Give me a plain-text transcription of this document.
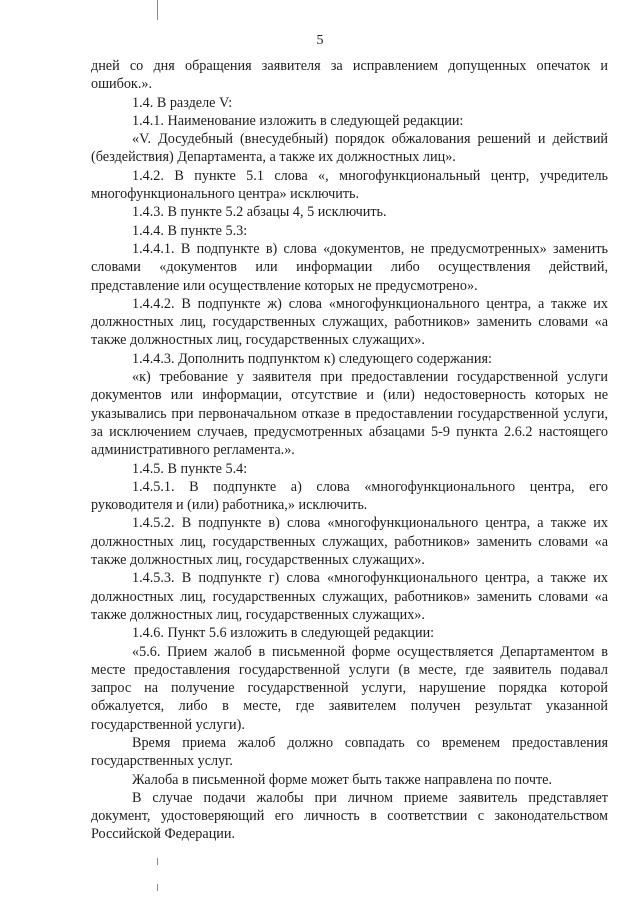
5

дней со дня обращения заявителя за исправлением допущенных опечаток и ошибок.».

1.4. В разделе V:

1.4.1. Наименование изложить в следующей редакции:

«V. Досудебный (внесудебный) порядок обжалования решений и действий (бездействия) Департамента, а также их должностных лиц».

1.4.2. В пункте 5.1 слова «, многофункциональный центр, учредитель многофункционального центра» исключить.

1.4.3. В пункте 5.2 абзацы 4, 5 исключить.

1.4.4. В пункте 5.3:

1.4.4.1. В подпункте в) слова «документов, не предусмотренных» заменить словами «документов или информации либо осуществления действий, представление или осуществление которых не предусмотрено».

1.4.4.2. В подпункте ж) слова «многофункционального центра, а также их должностных лиц, государственных служащих, работников» заменить словами «а также должностных лиц, государственных служащих».

1.4.4.3. Дополнить подпунктом к) следующего содержания:

«к) требование у заявителя при предоставлении государственной услуги документов или информации, отсутствие и (или) недостоверность которых не указывались при первоначальном отказе в предоставлении государственной услуги, за исключением случаев, предусмотренных абзацами 5-9 пункта 2.6.2 настоящего административного регламента.».

1.4.5. В пункте 5.4:

1.4.5.1. В подпункте а) слова «многофункционального центра, его руководителя и (или) работника,» исключить.

1.4.5.2. В подпункте в) слова «многофункционального центра, а также их должностных лиц, государственных служащих, работников» заменить словами «а также должностных лиц, государственных служащих».

1.4.5.3. В подпункте г) слова «многофункционального центра, а также их должностных лиц, государственных служащих, работников» заменить словами «а также должностных лиц, государственных служащих».

1.4.6. Пункт 5.6 изложить в следующей редакции:

«5.6. Прием жалоб в письменной форме осуществляется Департаментом в месте предоставления государственной услуги (в месте, где заявитель подавал запрос на получение государственной услуги, нарушение порядка которой обжалуется, либо в месте, где заявителем получен результат указанной государственной услуги).

Время приема жалоб должно совпадать со временем предоставления государственных услуг.

Жалоба в письменной форме может быть также направлена по почте.

В случае подачи жалобы при личном приеме заявитель представляет документ, удостоверяющий его личность в соответствии с законодательством Российской Федерации.
